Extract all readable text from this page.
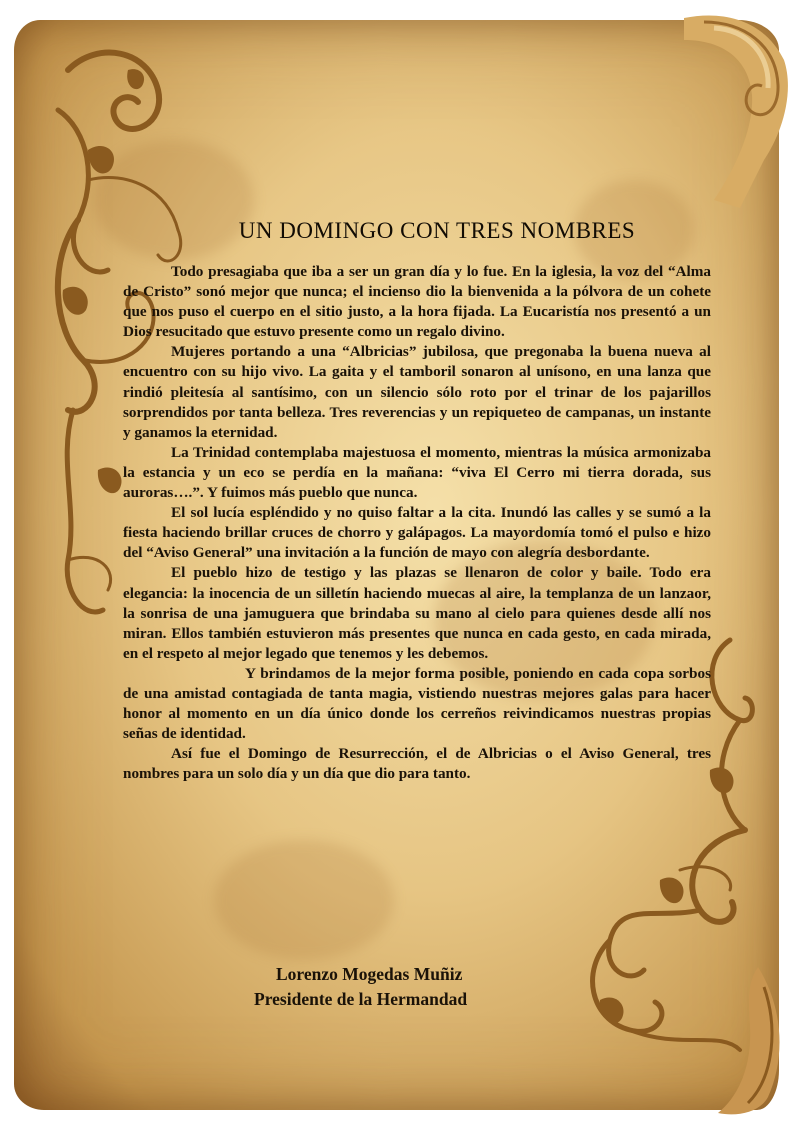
UN DOMINGO CON TRES NOMBRES

Todo presagiaba que iba a ser un gran día y lo fue. En la iglesia, la voz del “Alma de Cristo” sonó mejor que nunca; el incienso dio la bienvenida a la pólvora de un cohete que nos puso el cuerpo en el sitio justo, a la hora fijada. La Eucaristía nos presentó a un Dios resucitado que estuvo presente como un regalo divino.

Mujeres portando a una “Albricias” jubilosa, que pregonaba la buena nueva al encuentro con su hijo vivo. La gaita y el tamboril sonaron al unísono, en una lanza que rindió pleitesía al santísimo, con un silencio sólo roto por el trinar de los pajarillos sorprendidos por tanta belleza. Tres reverencias y un repiqueteo de campanas, un instante y ganamos la eternidad.

La Trinidad contemplaba majestuosa el momento, mientras la música armonizaba la estancia y un eco se perdía en la mañana: “viva El Cerro mi tierra dorada, sus auroras….”. Y fuimos más pueblo que nunca.

El sol lucía espléndido y no quiso faltar a la cita. Inundó las calles y se sumó a la fiesta haciendo brillar cruces de chorro y galápagos. La mayordomía tomó el pulso e hizo del “Aviso General” una invitación a la función de mayo con alegría desbordante.

El pueblo hizo de testigo y las plazas se llenaron de color y baile. Todo era elegancia: la inocencia de un silletín haciendo muecas al aire, la templanza de un lanzaor, la sonrisa de una jamuguera que brindaba su mano al cielo para quienes desde allí nos miran. Ellos también estuvieron más presentes que nunca en cada gesto, en cada mirada, en el respeto al mejor legado que tenemos y les debemos.

Y brindamos de la mejor forma posible, poniendo en cada copa sorbos de una amistad contagiada de tanta magia, vistiendo nuestras mejores galas para hacer honor al momento en un día único donde los cerreños reivindicamos nuestras propias señas de identidad.

Así fue el Domingo de Resurrección, el de Albricias o el Aviso General, tres nombres para un solo día y un día que dio para tanto.

Lorenzo Mogedas Muñiz
Presidente de la Hermandad
